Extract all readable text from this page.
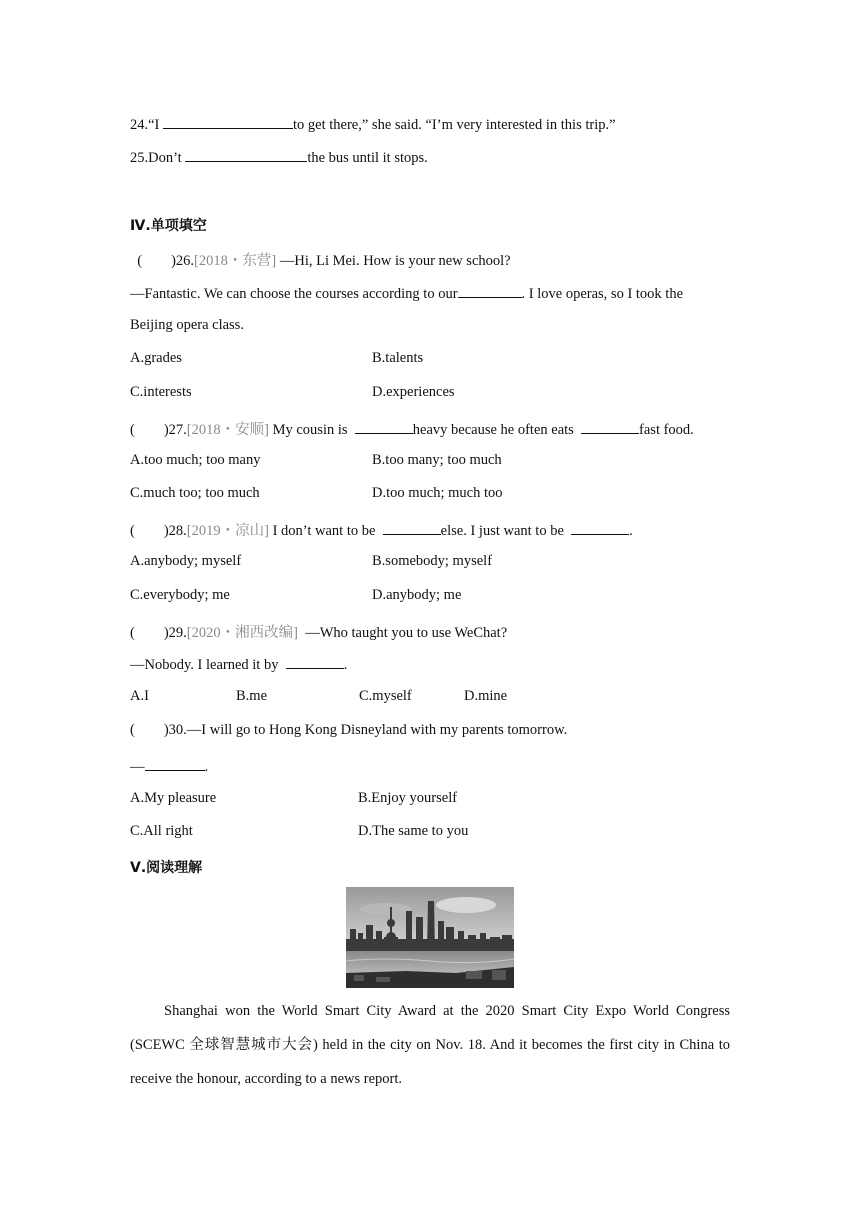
24.“I	to get there,” she said. “I’m very interested in this trip.”
25.Don’t	the bus until it stops.
Ⅳ.单项填空
(        )26.[2018・东营] —Hi, Li Mei. How is your new school?
—Fantastic. We can choose the courses according to our	. I love operas, so I took the
Beijing opera class.
A.grades	B.talents
C.interests	D.experiences
(        )27.[2018・安顺] My cousin is	heavy because he often eats	fast food.
A.too much; too many	B.too many; too much
C.much too; too much	D.too much; much too
(        )28.[2019・凉山] I don’t want to be	else. I just want to be	.
A.anybody; myself	B.somebody; myself
C.everybody; me	D.anybody; me
(        )29.[2020・湘西改编]  —Who taught you to use WeChat?
—Nobody. I learned it by	.
A.I	B.me	C.myself	D.mine
(        )30.—I will go to Hong Kong Disneyland with my parents tomorrow.
—	.
A.My pleasure	B.Enjoy yourself
C.All right	D.The same to you
Ⅴ.阅读理解
Shanghai won the World Smart City Award at the 2020 Smart City Expo World Congress (SCEWC 全球智慧城市大会) held in the city on Nov. 18. And it becomes the first city in China to receive the honour, according to a news report.
